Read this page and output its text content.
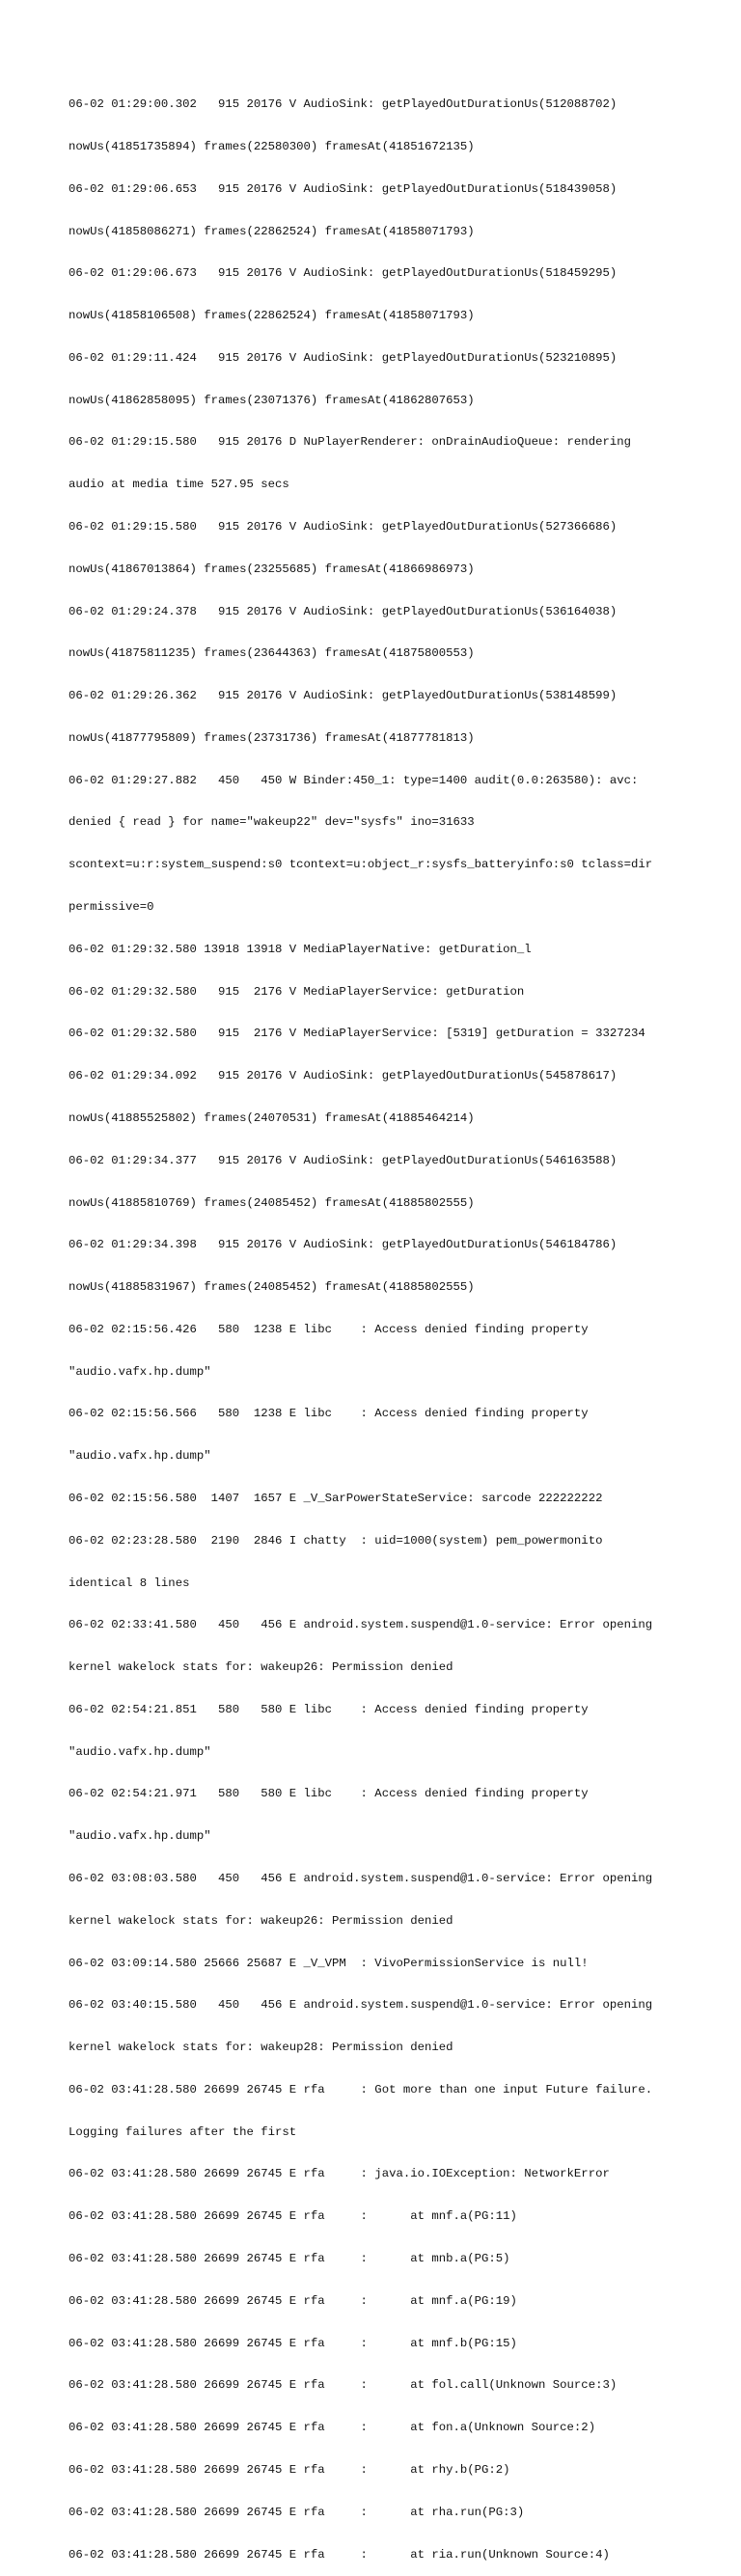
06-02 01:29:00.302   915 20176 V AudioSink: getPlayedOutDurationUs(512088702)

nowUs(41851735894) frames(22580300) framesAt(41851672135)

06-02 01:29:06.653   915 20176 V AudioSink: getPlayedOutDurationUs(518439058)

nowUs(41858086271) frames(22862524) framesAt(41858071793)

06-02 01:29:06.673   915 20176 V AudioSink: getPlayedOutDurationUs(518459295)

nowUs(41858106508) frames(22862524) framesAt(41858071793)

06-02 01:29:11.424   915 20176 V AudioSink: getPlayedOutDurationUs(523210895)

nowUs(41862858095) frames(23071376) framesAt(41862807653)

06-02 01:29:15.580   915 20176 D NuPlayerRenderer: onDrainAudioQueue: rendering

audio at media time 527.95 secs

06-02 01:29:15.580   915 20176 V AudioSink: getPlayedOutDurationUs(527366686)

nowUs(41867013864) frames(23255685) framesAt(41866986973)

06-02 01:29:24.378   915 20176 V AudioSink: getPlayedOutDurationUs(536164038)

nowUs(41875811235) frames(23644363) framesAt(41875800553)

06-02 01:29:26.362   915 20176 V AudioSink: getPlayedOutDurationUs(538148599)

nowUs(41877795809) frames(23731736) framesAt(41877781813)

06-02 01:29:27.882   450   450 W Binder:450_1: type=1400 audit(0.0:263580): avc:

denied { read } for name="wakeup22" dev="sysfs" ino=31633

scontext=u:r:system_suspend:s0 tcontext=u:object_r:sysfs_batteryinfo:s0 tclass=dir

permissive=0

06-02 01:29:32.580 13918 13918 V MediaPlayerNative: getDuration_l

06-02 01:29:32.580   915  2176 V MediaPlayerService: getDuration

06-02 01:29:32.580   915  2176 V MediaPlayerService: [5319] getDuration = 3327234

06-02 01:29:34.092   915 20176 V AudioSink: getPlayedOutDurationUs(545878617)

nowUs(41885525802) frames(24070531) framesAt(41885464214)

06-02 01:29:34.377   915 20176 V AudioSink: getPlayedOutDurationUs(546163588)

nowUs(41885810769) frames(24085452) framesAt(41885802555)

06-02 01:29:34.398   915 20176 V AudioSink: getPlayedOutDurationUs(546184786)

nowUs(41885831967) frames(24085452) framesAt(41885802555)

06-02 02:15:56.426   580  1238 E libc    : Access denied finding property

"audio.vafx.hp.dump"

06-02 02:15:56.566   580  1238 E libc    : Access denied finding property

"audio.vafx.hp.dump"

06-02 02:15:56.580  1407  1657 E _V_SarPowerStateService: sarcode 222222222

06-02 02:23:28.580  2190  2846 I chatty  : uid=1000(system) pem_powermonito

identical 8 lines

06-02 02:33:41.580   450   456 E android.system.suspend@1.0-service: Error opening

kernel wakelock stats for: wakeup26: Permission denied

06-02 02:54:21.851   580   580 E libc    : Access denied finding property

"audio.vafx.hp.dump"

06-02 02:54:21.971   580   580 E libc    : Access denied finding property

"audio.vafx.hp.dump"

06-02 03:08:03.580   450   456 E android.system.suspend@1.0-service: Error opening

kernel wakelock stats for: wakeup26: Permission denied

06-02 03:09:14.580 25666 25687 E _V_VPM  : VivoPermissionService is null!

06-02 03:40:15.580   450   456 E android.system.suspend@1.0-service: Error opening

kernel wakelock stats for: wakeup28: Permission denied

06-02 03:41:28.580 26699 26745 E rfa     : Got more than one input Future failure.

Logging failures after the first

06-02 03:41:28.580 26699 26745 E rfa     : java.io.IOException: NetworkError

06-02 03:41:28.580 26699 26745 E rfa     :      at mnf.a(PG:11)

06-02 03:41:28.580 26699 26745 E rfa     :      at mnb.a(PG:5)

06-02 03:41:28.580 26699 26745 E rfa     :      at mnf.a(PG:19)

06-02 03:41:28.580 26699 26745 E rfa     :      at mnf.b(PG:15)

06-02 03:41:28.580 26699 26745 E rfa     :      at fol.call(Unknown Source:3)

06-02 03:41:28.580 26699 26745 E rfa     :      at fon.a(Unknown Source:2)

06-02 03:41:28.580 26699 26745 E rfa     :      at rhy.b(PG:2)

06-02 03:41:28.580 26699 26745 E rfa     :      at rha.run(PG:3)

06-02 03:41:28.580 26699 26745 E rfa     :      at ria.run(Unknown Source:4)
